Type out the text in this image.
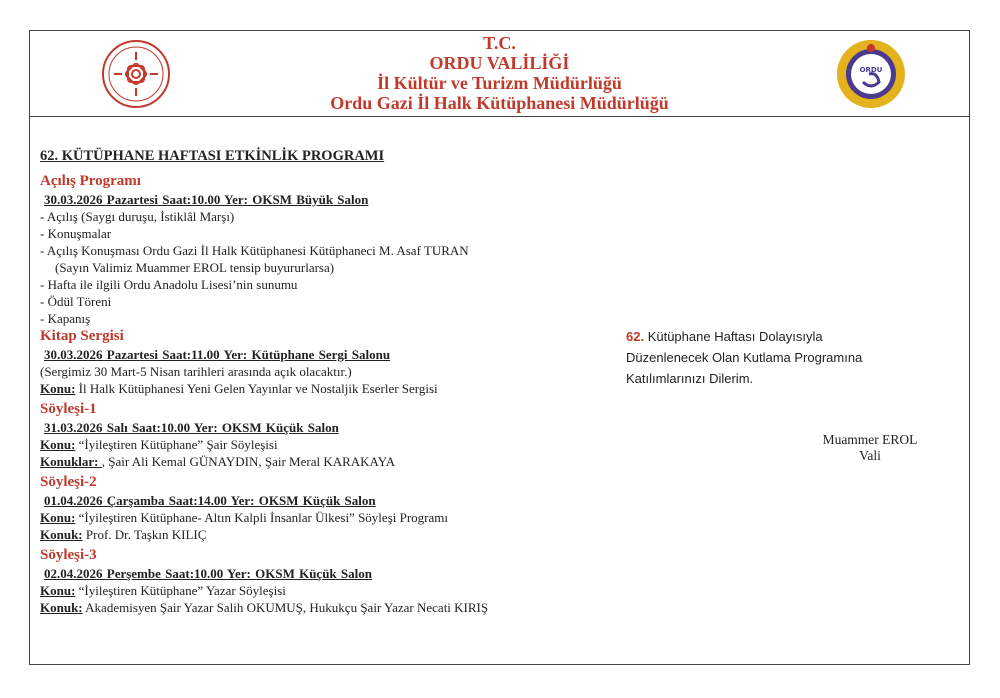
T.C.
ORDU VALİLİĞİ
İl Kültür ve Turizm Müdürlüğü
Ordu Gazi İl Halk Kütüphanesi Müdürlüğü
ORDU
62. KÜTÜPHANE HAFTASI ETKİNLİK PROGRAMI
Açılış Programı
30.03.2026 Pazartesi Saat:10.00 Yer: OKSM Büyük Salon
- Açılış (Saygı duruşu, İstiklâl Marşı)
- Konuşmalar
- Açılış Konuşması Ordu Gazi İl Halk Kütüphanesi Kütüphaneci M. Asaf TURAN
(Sayın Valimiz Muammer EROL tensip buyururlarsa)
- Hafta ile ilgili Ordu Anadolu Lisesi’nin sunumu
- Ödül Töreni
- Kapanış
Kitap Sergisi
30.03.2026 Pazartesi Saat:11.00 Yer: Kütüphane Sergi Salonu
(Sergimiz 30 Mart-5 Nisan tarihleri arasında açık olacaktır.)
Konu: İl Halk Kütüphanesi Yeni Gelen Yayınlar ve Nostaljik Eserler Sergisi
Söyleşi-1
31.03.2026 Salı Saat:10.00 Yer: OKSM Küçük Salon
Konu: “İyileştiren Kütüphane” Şair Söyleşisi
Konuklar: , Şair Ali Kemal GÜNAYDIN, Şair Meral KARAKAYA
Söyleşi-2
01.04.2026 Çarşamba Saat:14.00 Yer: OKSM Küçük Salon
Konu: “İyileştiren Kütüphane- Altın Kalpli İnsanlar Ülkesi” Söyleşi Programı
Konuk: Prof. Dr. Taşkın KILIÇ
Söyleşi-3
02.04.2026 Perşembe Saat:10.00 Yer: OKSM Küçük Salon
Konu: “İyileştiren Kütüphane” Yazar Söyleşisi
Konuk: Akademisyen Şair Yazar Salih OKUMUŞ, Hukukçu Şair Yazar Necati KIRIŞ
62. Kütüphane Haftası Dolayısıyla
Düzenlenecek Olan Kutlama Programına
Katılımlarınızı Dilerim.
Muammer EROL
Vali
